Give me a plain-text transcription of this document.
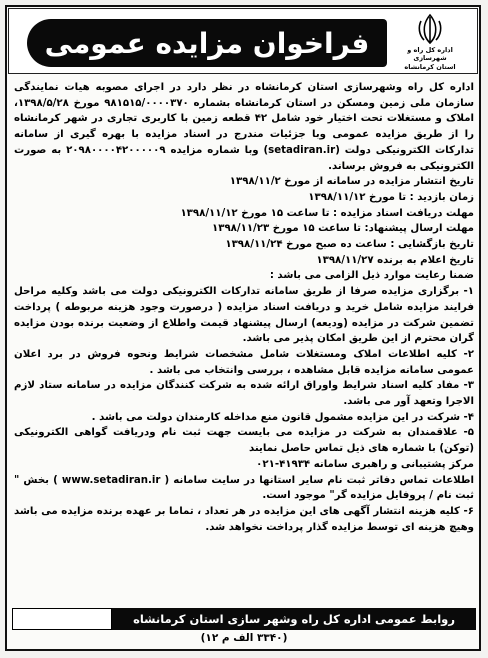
فراخوان مزایده عمومی	اداره کل راه و شهرسازی
استان کرمانشاه

اداره کل راه وشهرسازی استان کرمانشاه در نظر دارد در اجرای مصوبه هیات نمایندگی سازمان ملی زمین ومسکن در استان کرمانشاه بشماره ۹۸۱۵۱۵/۰۰۰۰۳۷۰ مورخ ۱۳۹۸/۵/۲۸، املاک و مستغلات تحت اختیار خود شامل ۴۲ قطعه زمین با کاربری تجاری در شهر کرمانشاه را از طریق مزایده عمومی وبا جزئیات مندرج در اسناد مزایده با بهره گیری از سامانه تدارکات الکترونیکی دولت (setadiran.ir) وبا شماره مزایده ۲۰۹۸۰۰۰۰۴۲۰۰۰۰۰۹ به صورت الکترونیکی به فروش برساند.

تاریخ انتشار مزایده در سامانه از مورخ ۱۳۹۸/۱۱/۲

زمان بازدید : تا مورخ ۱۳۹۸/۱۱/۱۲

مهلت دریافت اسناد مزایده : تا ساعت ۱۵ مورخ ۱۳۹۸/۱۱/۱۲

مهلت ارسال پیشنهاد: تا ساعت ۱۵ مورخ ۱۳۹۸/۱۱/۲۳

تاریخ بازگشایی : ساعت ده صبح مورخ ۱۳۹۸/۱۱/۲۴

تاریخ اعلام به برنده ۱۳۹۸/۱۱/۲۷

ضمنا رعایت موارد ذیل الزامی می باشد :

۱- برگزاری مزایده صرفا از طریق سامانه تدارکات الکترونیکی دولت می باشد وکلیه مراحل فرایند مزایده شامل خرید و دریافت اسناد مزایده ( درصورت وجود هزینه مربوطه ) پرداخت تضمین شرکت در مزایده (ودیعه) ارسال پیشنهاد قیمت واطلاع از وضعیت برنده بودن مزایده گران محترم از این طریق امکان پذیر می باشد.

۲- کلیه اطلاعات املاک ومستغلات شامل مشخصات شرایط ونحوه فروش در برد اعلان عمومی سامانه مزایده قابل مشاهده ، بررسی وانتخاب می باشد .

۳- مفاد کلیه اسناد شرایط واوراق ارائه شده به شرکت کنندگان مزایده در سامانه ستاد لازم الاجرا وتعهد آور می باشد.

۴- شرکت در این مزایده مشمول قانون منع مداخله کارمندان دولت می باشد .

۵- علاقمندان به شرکت در مزایده می بایست جهت ثبت نام ودریافت گواهی الکترونیکی (توکن) با شماره های ذیل تماس حاصل نمایند

مرکز پشتیبانی و راهبری سامانه ۴۱۹۳۴-۰۲۱

اطلاعات تماس دفاتر ثبت نام سایر استانها در سایت سامانه ( www.setadiran.ir ) بخش " ثبت نام / پروفایل مزایده گر" موجود است.

۶- کلیه هزینه انتشار آگهی های این مزایده در هر تعداد ، تماما بر عهده برنده مزایده می باشد وهیچ هزینه ای توسط مزایده گذار پرداخت نخواهد شد.

روابط عمومی اداره کل راه وشهر سازی استان کرمانشاه
(۳۳۴۰ الف م ۱۲)
